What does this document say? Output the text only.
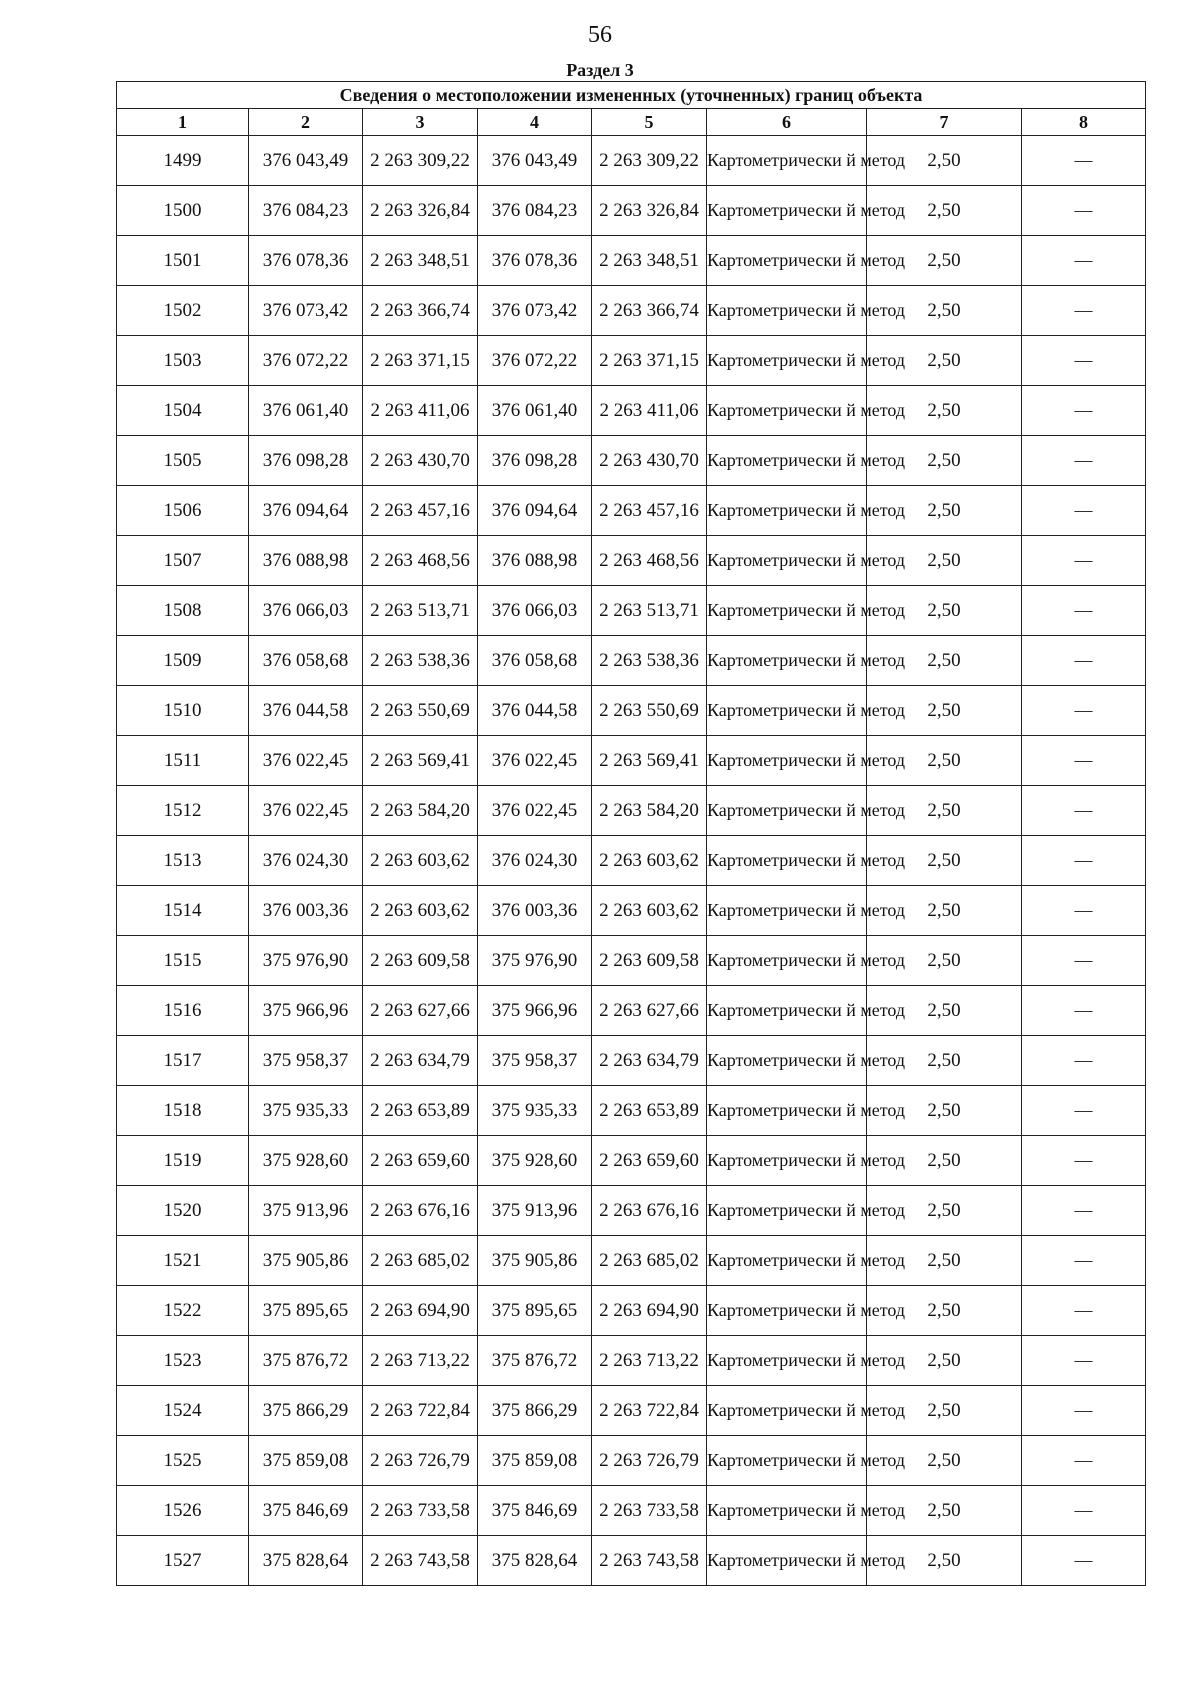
56
Раздел 3
Сведения о местоположении измененных (уточненных) границ объекта							
1	2	3	4	5	6	7	8
1499	376 043,49	2 263 309,22	376 043,49	2 263 309,22	Картометрически й метод	2,50	—
1500	376 084,23	2 263 326,84	376 084,23	2 263 326,84	Картометрически й метод	2,50	—
1501	376 078,36	2 263 348,51	376 078,36	2 263 348,51	Картометрически й метод	2,50	—
1502	376 073,42	2 263 366,74	376 073,42	2 263 366,74	Картометрически й метод	2,50	—
1503	376 072,22	2 263 371,15	376 072,22	2 263 371,15	Картометрически й метод	2,50	—
1504	376 061,40	2 263 411,06	376 061,40	2 263 411,06	Картометрически й метод	2,50	—
1505	376 098,28	2 263 430,70	376 098,28	2 263 430,70	Картометрически й метод	2,50	—
1506	376 094,64	2 263 457,16	376 094,64	2 263 457,16	Картометрически й метод	2,50	—
1507	376 088,98	2 263 468,56	376 088,98	2 263 468,56	Картометрически й метод	2,50	—
1508	376 066,03	2 263 513,71	376 066,03	2 263 513,71	Картометрически й метод	2,50	—
1509	376 058,68	2 263 538,36	376 058,68	2 263 538,36	Картометрически й метод	2,50	—
1510	376 044,58	2 263 550,69	376 044,58	2 263 550,69	Картометрически й метод	2,50	—
1511	376 022,45	2 263 569,41	376 022,45	2 263 569,41	Картометрически й метод	2,50	—
1512	376 022,45	2 263 584,20	376 022,45	2 263 584,20	Картометрически й метод	2,50	—
1513	376 024,30	2 263 603,62	376 024,30	2 263 603,62	Картометрически й метод	2,50	—
1514	376 003,36	2 263 603,62	376 003,36	2 263 603,62	Картометрически й метод	2,50	—
1515	375 976,90	2 263 609,58	375 976,90	2 263 609,58	Картометрически й метод	2,50	—
1516	375 966,96	2 263 627,66	375 966,96	2 263 627,66	Картометрически й метод	2,50	—
1517	375 958,37	2 263 634,79	375 958,37	2 263 634,79	Картометрически й метод	2,50	—
1518	375 935,33	2 263 653,89	375 935,33	2 263 653,89	Картометрически й метод	2,50	—
1519	375 928,60	2 263 659,60	375 928,60	2 263 659,60	Картометрически й метод	2,50	—
1520	375 913,96	2 263 676,16	375 913,96	2 263 676,16	Картометрически й метод	2,50	—
1521	375 905,86	2 263 685,02	375 905,86	2 263 685,02	Картометрически й метод	2,50	—
1522	375 895,65	2 263 694,90	375 895,65	2 263 694,90	Картометрически й метод	2,50	—
1523	375 876,72	2 263 713,22	375 876,72	2 263 713,22	Картометрически й метод	2,50	—
1524	375 866,29	2 263 722,84	375 866,29	2 263 722,84	Картометрически й метод	2,50	—
1525	375 859,08	2 263 726,79	375 859,08	2 263 726,79	Картометрически й метод	2,50	—
1526	375 846,69	2 263 733,58	375 846,69	2 263 733,58	Картометрически й метод	2,50	—
1527	375 828,64	2 263 743,58	375 828,64	2 263 743,58	Картометрически й метод	2,50	—
